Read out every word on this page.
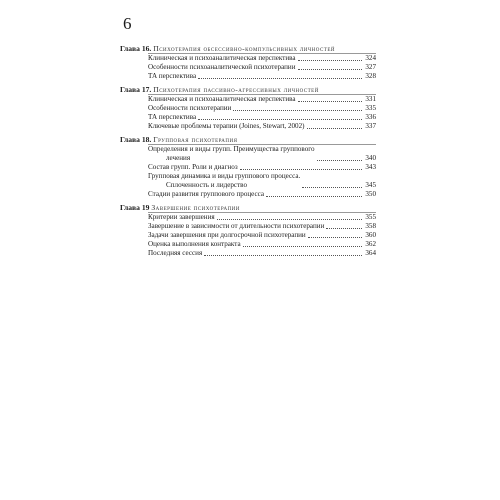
6
Глава 16. Психотерапия обсессивно-компульсивных личностей
Клиническая и психоаналитическая перспектива	324
Особенности психоаналитической психотерапии	327
ТА перспектива	328
Глава 17. Психотерапия пассивно-агрессивных личностей
Клиническая и психоаналитическая перспектива	331
Особенности психотерапии	335
ТА перспектива	336
Ключевые проблемы терапии (Joines, Stewart, 2002)	337
Глава 18. Групповая психотерапия
Определения и виды групп. Преимущества группового
лечения	340
Состав групп. Роли и диагноз	343
Групповая динамика и виды группового процесса.
Сплоченность и лидерство	345
Стадии развития группового процесса	350
Глава 19 Завершение психотерапии
Критерии завершения	355
Завершение в зависимости от длительности психотерапии	358
Задачи завершения при долгосрочной психотерапии	360
Оценка выполнения контракта	362
Последняя сессия	364
